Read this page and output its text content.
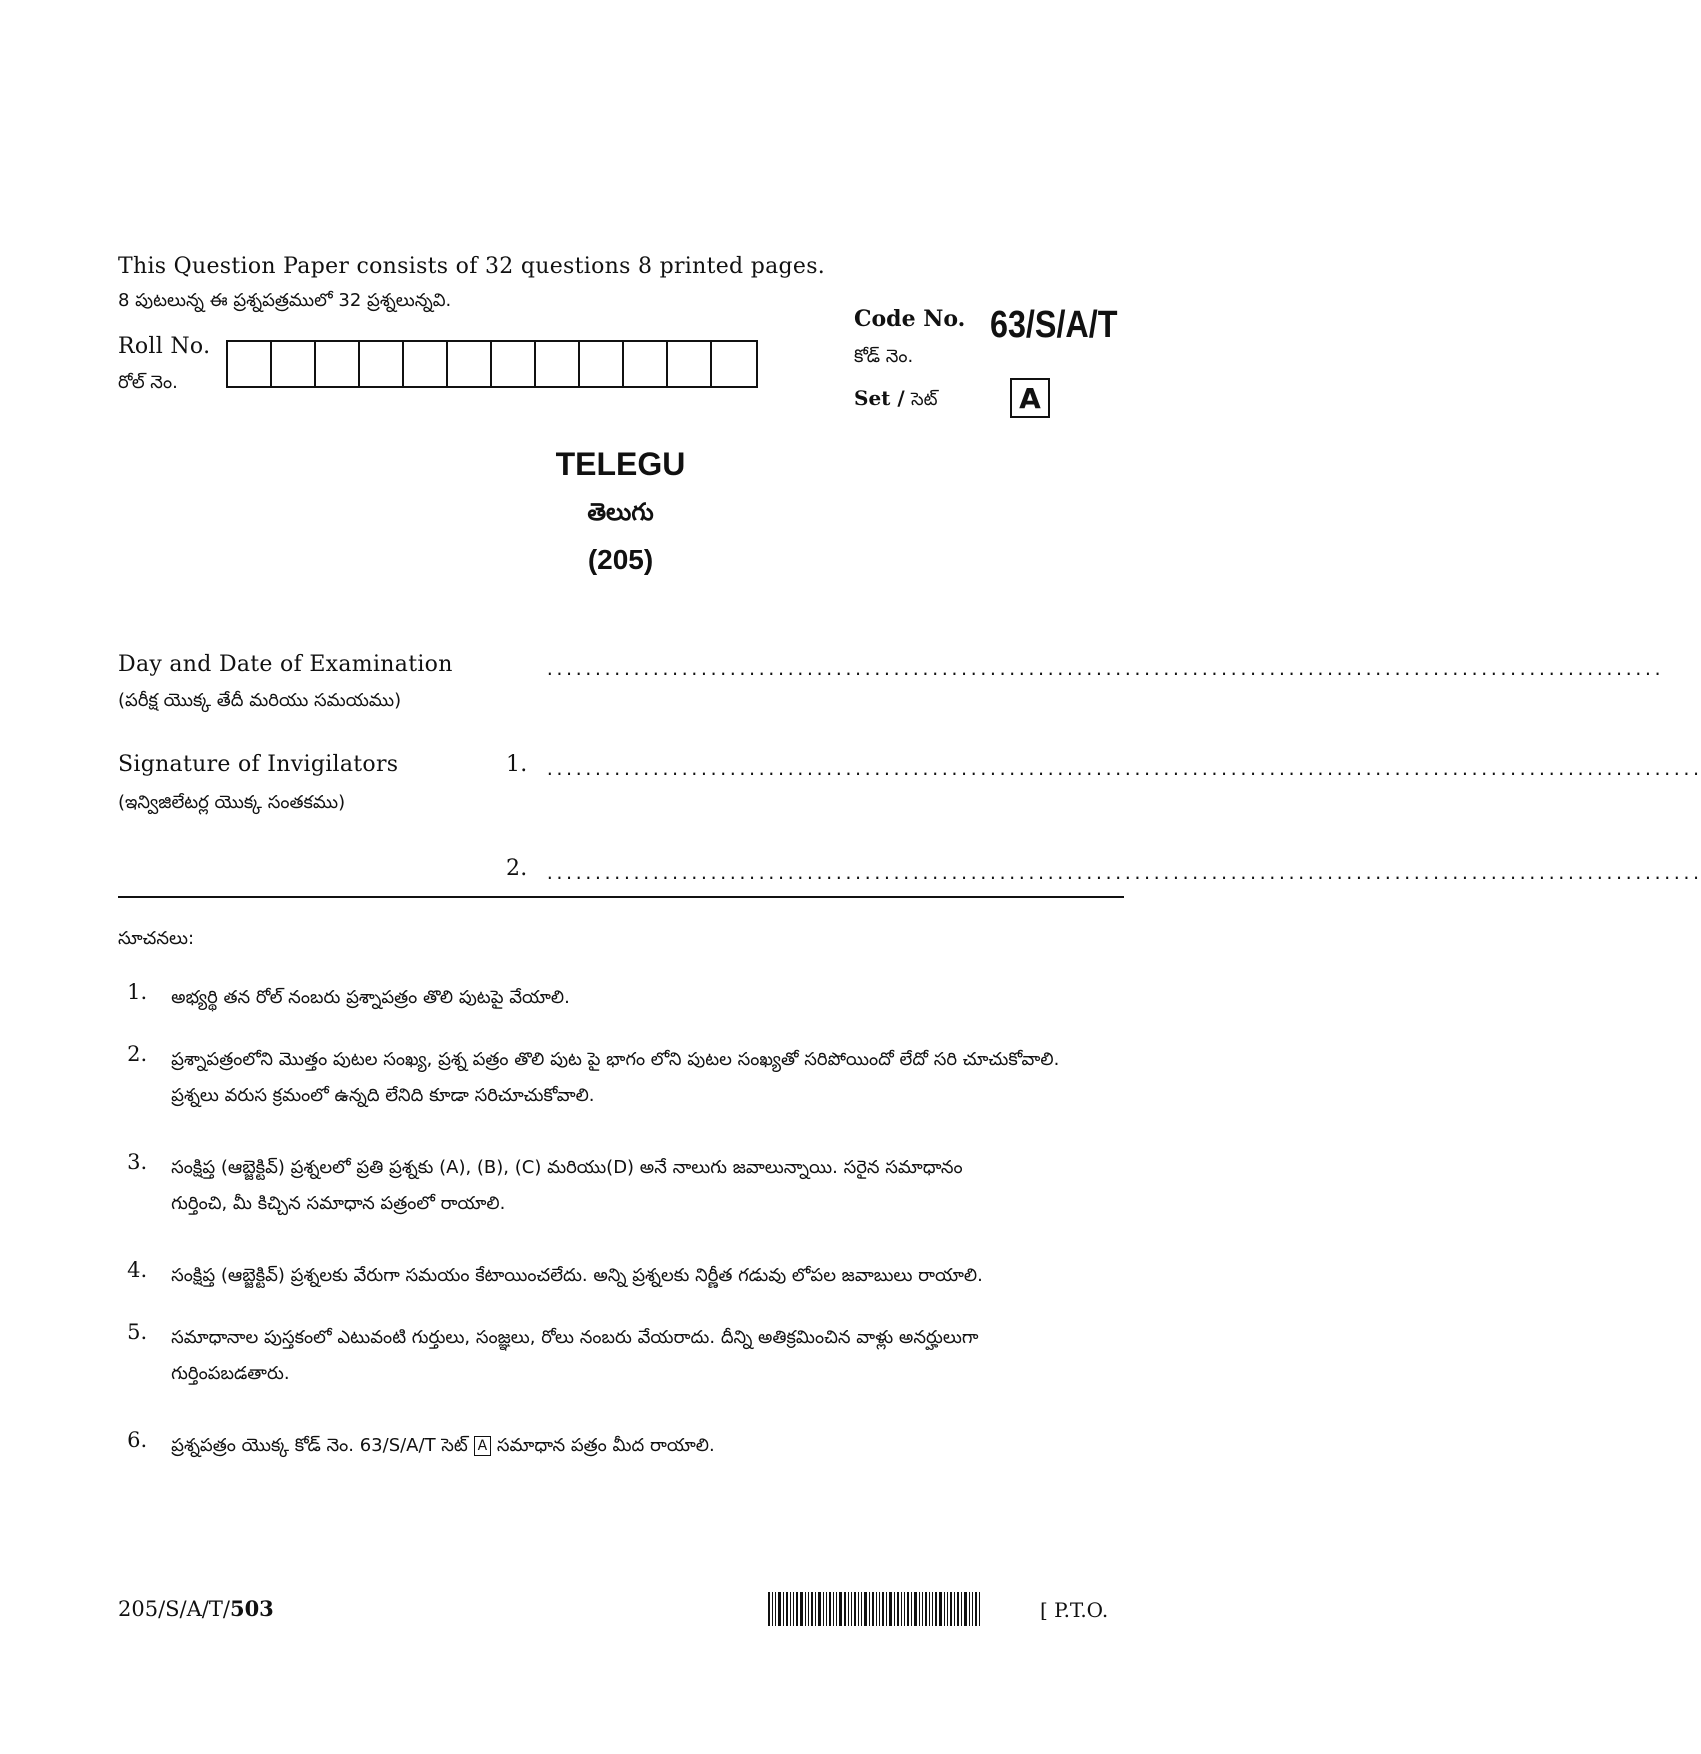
This Question Paper consists of 32 questions 8 printed pages.
8 పుటలున్న ఈ ప్రశ్నపత్రములో 32 ప్రశ్నలున్నవి.
Roll No.
రోల్ నెం.
Code No.
కోడ్ నెం.
63/S/A/T
Set / సెట్	A
TELEGU
తెలుగు
(205)
Day and Date of Examination
(పరీక్ష యొక్క తేదీ మరియు సమయము)
....................................................................................................................
Signature of Invigilators
(ఇన్విజిలేటర్ల యొక్క సంతకము)
1. ........................................................................................................................
2. ........................................................................................................................
సూచనలు:
1. అభ్యర్థి తన రోల్ నంబరు ప్రశ్నాపత్రం తొలి పుటపై వేయాలి.
2. ప్రశ్నాపత్రంలోని మొత్తం పుటల సంఖ్య, ప్రశ్న పత్రం తొలి పుట పై భాగం లోని పుటల సంఖ్యతో సరిపోయిందో లేదో సరి చూచుకోవాలి.
ప్రశ్నలు వరుస క్రమంలో ఉన్నది లేనిది కూడా సరిచూచుకోవాలి.
3. సంక్షిప్త (ఆబ్జెక్టివ్) ప్రశ్నలలో ప్రతి ప్రశ్నకు (A), (B), (C) మరియు(D) అనే నాలుగు జవాలున్నాయి. సరైన సమాధానం
గుర్తించి, మీ కిచ్చిన సమాధాన పత్రంలో రాయాలి.
4. సంక్షిప్త (ఆబ్జెక్టివ్) ప్రశ్నలకు వేరుగా సమయం కేటాయించలేదు. అన్ని ప్రశ్నలకు నిర్ణీత గడువు లోపల జవాబులు రాయాలి.
5. సమాధానాల పుస్తకంలో ఎటువంటి గుర్తులు, సంజ్ఞలు, రోలు నంబరు వేయరాదు. దీన్ని అతిక్రమించిన వాళ్లు అనర్హులుగా
గుర్తింపబడతారు.
6. ప్రశ్నపత్రం యొక్క కోడ్ నెం. 63/S/A/T సెట్ A సమాధాన పత్రం మీద రాయాలి.
205/S/A/T/503	[ P.T.O.
